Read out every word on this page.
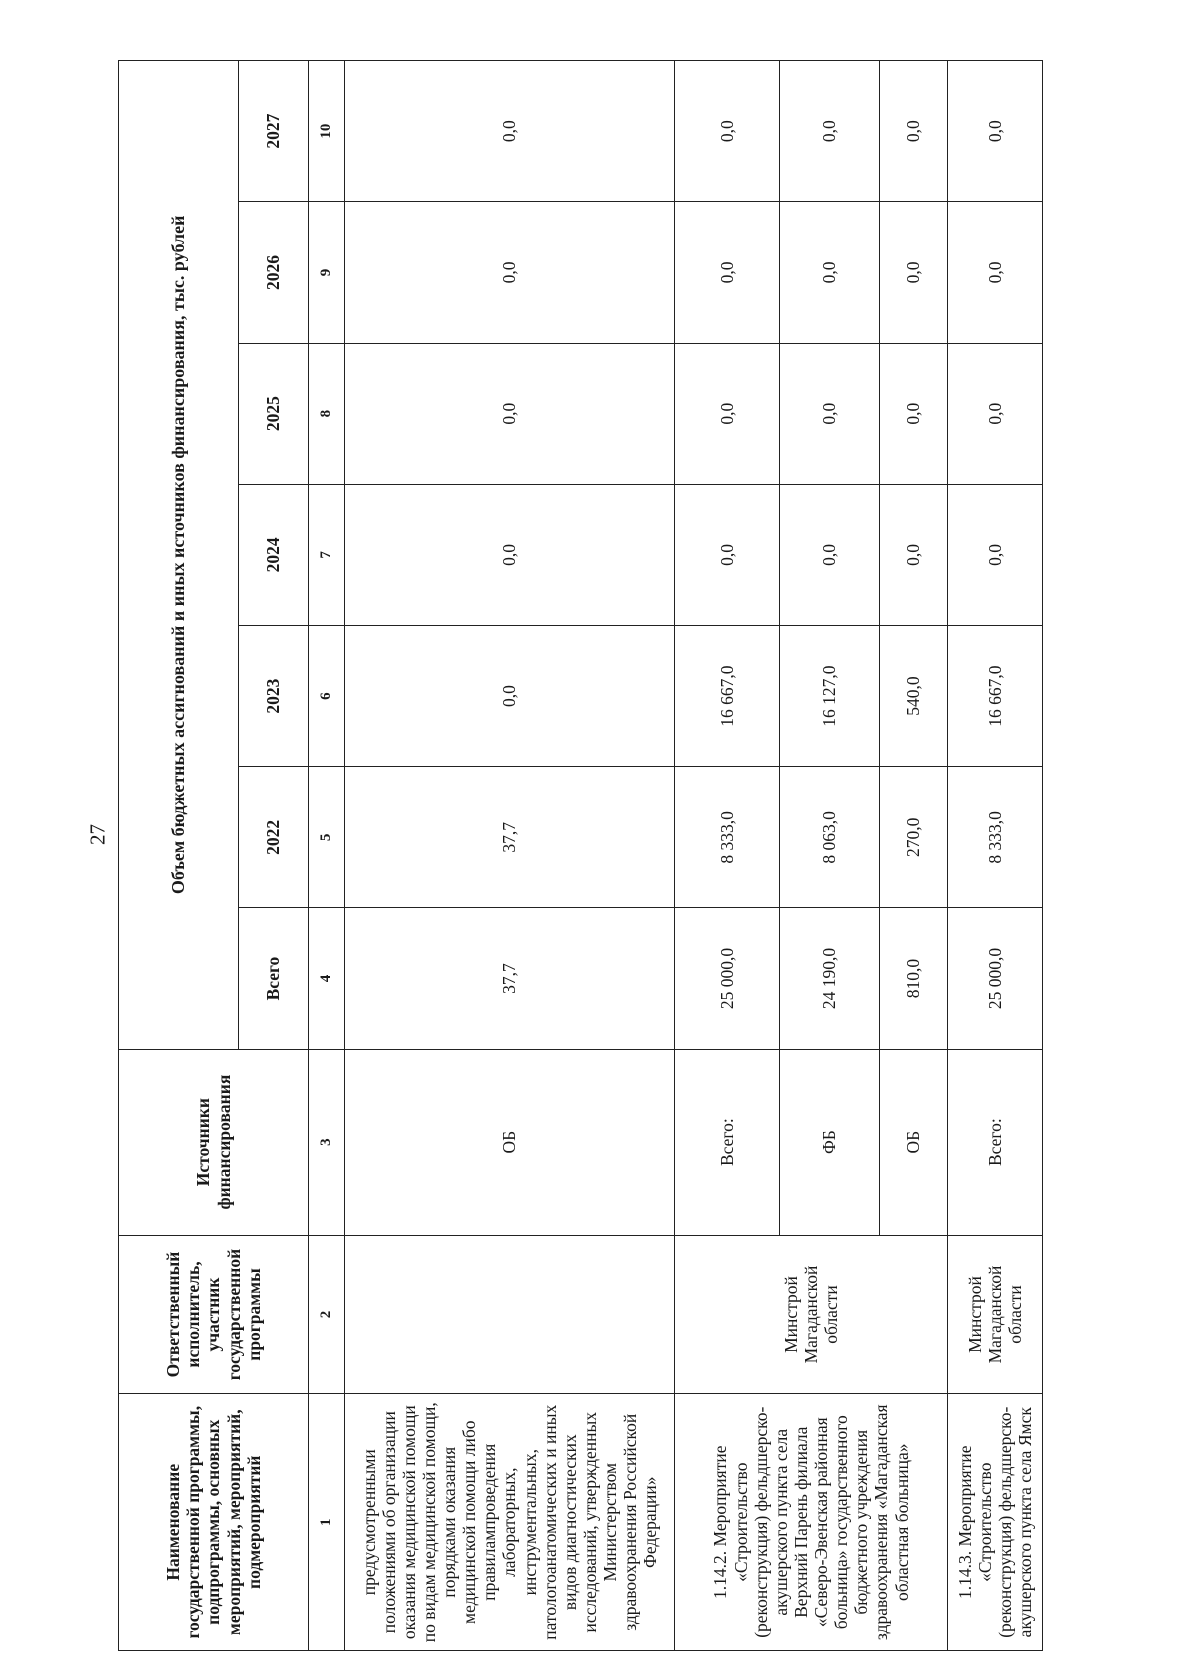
27
Наименование государственной программы, подпрограммы, основных мероприятий, мероприятий, подмероприятий	Ответственный исполнитель, участник государственной программы	Источники финансирования	Объем бюджетных ассигнований и иных источников финансирования, тыс. рублей						
			Всего	2022	2023	2024	2025	2026	2027
1	2	3	4	5	6	7	8	9	10
предусмотренными положениями об организации оказания медицинской помощи по видам медицинской помощи, порядками оказания медицинской помощи либо правилампроведения лабораторных, инструментальных, патологоанатомических и иных видов диагностических исследований, утвержденных Министерством здравоохранения Российской Федерации»		ОБ	37,7	37,7	0,0	0,0	0,0	0,0	0,0
1.14.2. Мероприятие «Строительство (реконструкция) фельдшерско-акушерского пункта села Верхний Парень филиала «Северо-Эвенская районная больница» государственного бюджетного учреждения здравоохранения «Магаданская областная больница»	Минстрой Магаданской области	Всего:	25 000,0	8 333,0	16 667,0	0,0	0,0	0,0	0,0
		ФБ	24 190,0	8 063,0	16 127,0	0,0	0,0	0,0	0,0
		ОБ	810,0	270,0	540,0	0,0	0,0	0,0	0,0
1.14.3. Мероприятие «Строительство (реконструкция) фельдшерско-акушерского пункта села Ямск	Минстрой Магаданской области	Всего:	25 000,0	8 333,0	16 667,0	0,0	0,0	0,0	0,0
